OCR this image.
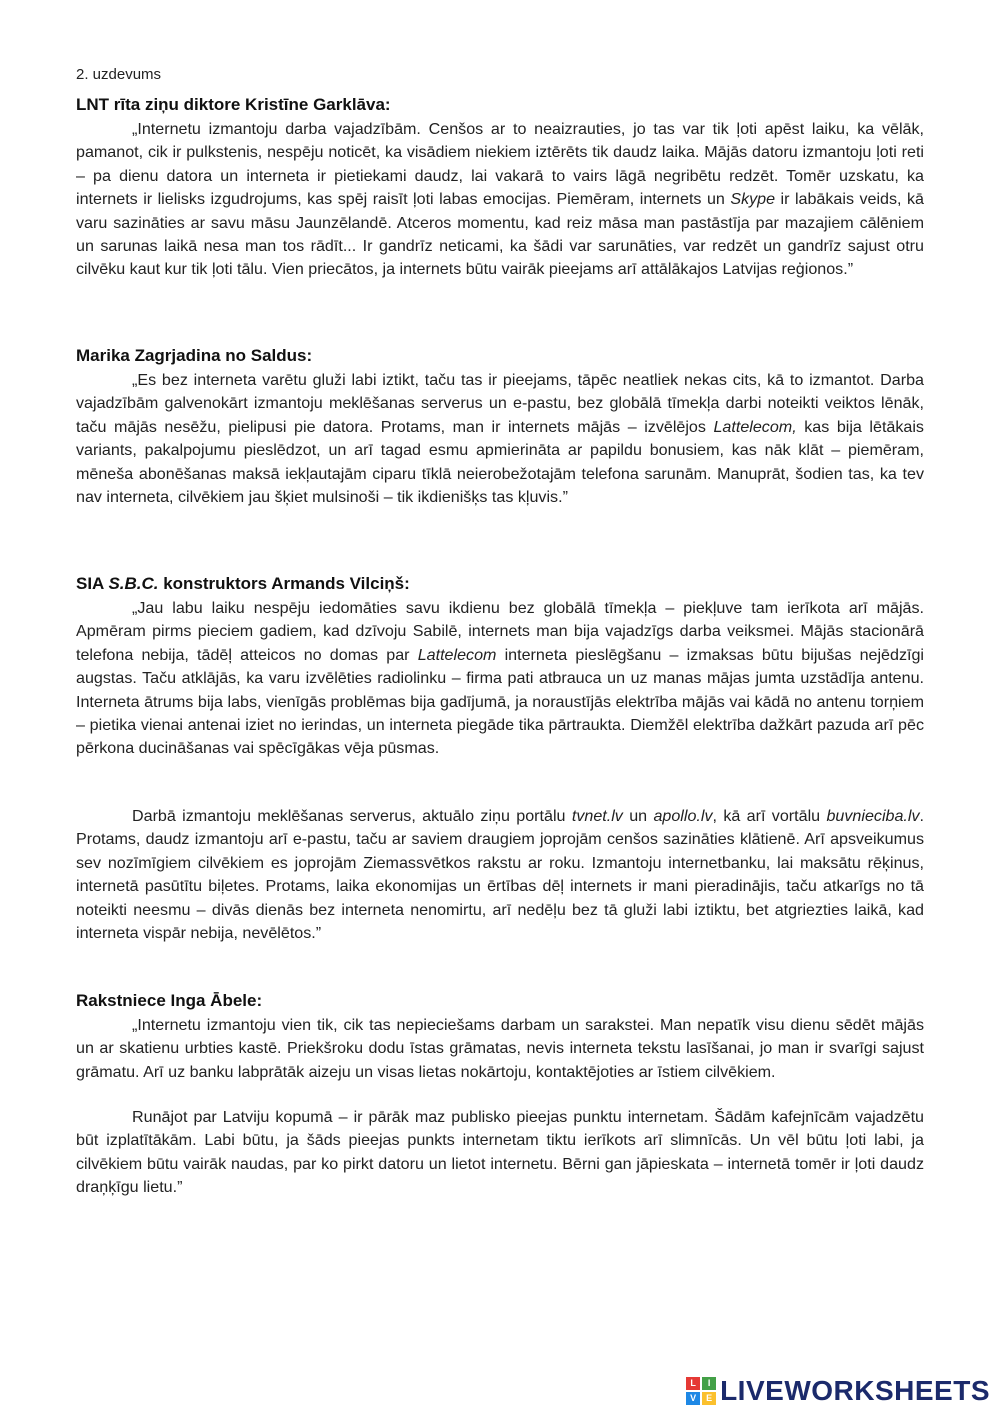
2. uzdevums
LNT rīta ziņu diktore Kristīne Garklāva:

„Internetu izmantoju darba vajadzībām. Cenšos ar to neaizrauties, jo tas var tik ļoti apēst laiku, ka vēlāk, pamanot, cik ir pulkstenis, nespēju noticēt, ka visādiem niekiem iztērēts tik daudz laika. Mājās datoru izmantoju ļoti reti – pa dienu datora un interneta ir pietiekami daudz, lai vakarā to vairs lāgā negribētu redzēt. Tomēr uzskatu, ka internets ir lielisks izgudrojums, kas spēj raisīt ļoti labas emocijas. Piemēram, internets un Skype ir labākais veids, kā varu sazināties ar savu māsu Jaunzēlandē. Atceros momentu, kad reiz māsa man pastāstīja par mazajiem cālēniem un sarunas laikā nesa man tos rādīt... Ir gandrīz neticami, ka šādi var sarunāties, var redzēt un gandrīz sajust otru cilvēku kaut kur tik ļoti tālu. Vien priecātos, ja internets būtu vairāk pieejams arī attālākajos Latvijas reģionos.”

Marika Zagrjadina no Saldus:

„Es bez interneta varētu gluži labi iztikt, taču tas ir pieejams, tāpēc neatliek nekas cits, kā to izmantot. Darba vajadzībām galvenokārt izmantoju meklēšanas serverus un e-pastu, bez globālā tīmekļa darbi noteikti veiktos lēnāk, taču mājās nesēžu, pielipusi pie datora. Protams, man ir internets mājās – izvēlējos Lattelecom, kas bija lētākais variants, pakalpojumu pieslēdzot, un arī tagad esmu apmierināta ar papildu bonusiem, kas nāk klāt – piemēram, mēneša abonēšanas maksā iekļautajām ciparu tīklā neierobežotajām telefona sarunām. Manuprāt, šodien tas, ka tev nav interneta, cilvēkiem jau šķiet mulsinoši – tik ikdienišķs tas kļuvis.”

SIA S.B.C. konstruktors Armands Vilciņš:

„Jau labu laiku nespēju iedomāties savu ikdienu bez globālā tīmekļa – piekļuve tam ierīkota arī mājās. Apmēram pirms pieciem gadiem, kad dzīvoju Sabilē, internets man bija vajadzīgs darba veiksmei. Mājās stacionārā telefona nebija, tādēļ atteicos no domas par Lattelecom interneta pieslēgšanu – izmaksas būtu bijušas neјēdzīgi augstas. Taču atklājās, ka varu izvēlēties radiolinku – firma pati atbrauca un uz manas mājas jumta uzstādīja antenu. Interneta ātrums bija labs, vienīgās problēmas bija gadījumā, ja noraustījās elektrība mājās vai kādā no antenu torņiem – pietika vienai antenai iziet no ierindas, un interneta piegāde tika pārtraukta. Diemžēl elektrība dažkārt pazuda arī pēc pērkona ducināšanas vai spēcīgākas vēja pūsmas.

Darbā izmantoju meklēšanas serverus, aktuālo ziņu portālu tvnet.lv un apollo.lv, kā arī vortālu buvnieciba.lv. Protams, daudz izmantoju arī e-pastu, taču ar saviem draugiem joprojām cenšos sazināties klātienē. Arī apsveikumus sev nozīmīgiem cilvēkiem es joprojām Ziemassvētkos rakstu ar roku. Izmantoju internetbanku, lai maksātu rēķinus, internetā pasūtītu biļetes. Protams, laika ekonomijas un ērtības dēļ internets ir mani pieradinājis, taču atkarīgs no tā noteikti neesmu – divās dienās bez interneta nenomirtu, arī nedēļu bez tā gluži labi iztiktu, bet atgriezties laikā, kad interneta vispār nebija, nevēlētos.”

Rakstniece Inga Ābele:

„Internetu izmantoju vien tik, cik tas nepieciešams darbam un sarakstei. Man nepatīk visu dienu sēdēt mājās un ar skatienu urbties kastē. Priekšroku dodu īstas grāmatas, nevis interneta tekstu lasīšanai, jo man ir svarīgi sajust grāmatu. Arī uz banku labprātāk aizeju un visas lietas nokārtoju, kontaktējoties ar īstiem cilvēkiem.

Runājot par Latviju kopumā – ir pārāk maz publisko pieejas punktu internetam. Šādām kafejnīcām vajadzētu būt izplatītākām. Labi būtu, ja šāds pieejas punkts internetam tiktu ierīkots arī slimnīcās. Un vēl būtu ļoti labi, ja cilvēkiem būtu vairāk naudas, par ko pirkt datoru un lietot internetu. Bērni gan jāpieskata – internetā tomēr ir ļoti daudz draņķīgu lietu.”

L	I
V	E LIVEWORKSHEETS
